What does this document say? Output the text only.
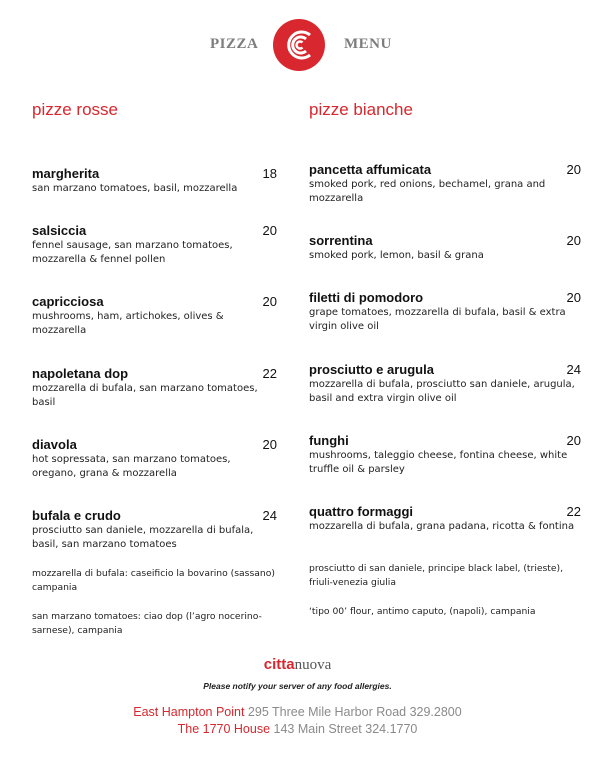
PIZZA	MENU
pizze rosse	pizze bianche
margherita	18
san marzano tomatoes, basil, mozzarella
salsiccia	20
fennel sausage, san marzano tomatoes, mozzarella & fennel pollen
capricciosa	20
mushrooms, ham, artichokes, olives & mozzarella
napoletana dop	22
mozzarella di bufala, san marzano tomatoes, basil
diavola	20
hot sopressata, san marzano tomatoes, oregano, grana & mozzarella
bufala e crudo	24
prosciutto san daniele, mozzarella di bufala, basil, san marzano tomatoes
mozzarella di bufala: caseificio la bovarino (sassano) campania
san marzano tomatoes: ciao dop (l’agro nocerino-sarnese), campania
pancetta affumicata	20
smoked pork, red onions, bechamel, grana and mozzarella
sorrentina	20
smoked pork, lemon, basil & grana
filetti di pomodoro	20
grape tomatoes, mozzarella di bufala, basil & extra virgin olive oil
prosciutto e arugula	24
mozzarella di bufala, prosciutto san daniele, arugula, basil and extra virgin olive oil
funghi	20
mushrooms, taleggio cheese, fontina cheese, white truffle oil & parsley
quattro formaggi	22
mozzarella di bufala, grana padana, ricotta & fontina
prosciutto di san daniele, principe black label, (trieste), friuli-venezia giulia
‘tipo 00’ flour, antimo caputo, (napoli), campania
cittanuova
Please notify your server of any food allergies.
East Hampton Point 295 Three Mile Harbor Road 329.2800
The 1770 House 143 Main Street 324.1770
